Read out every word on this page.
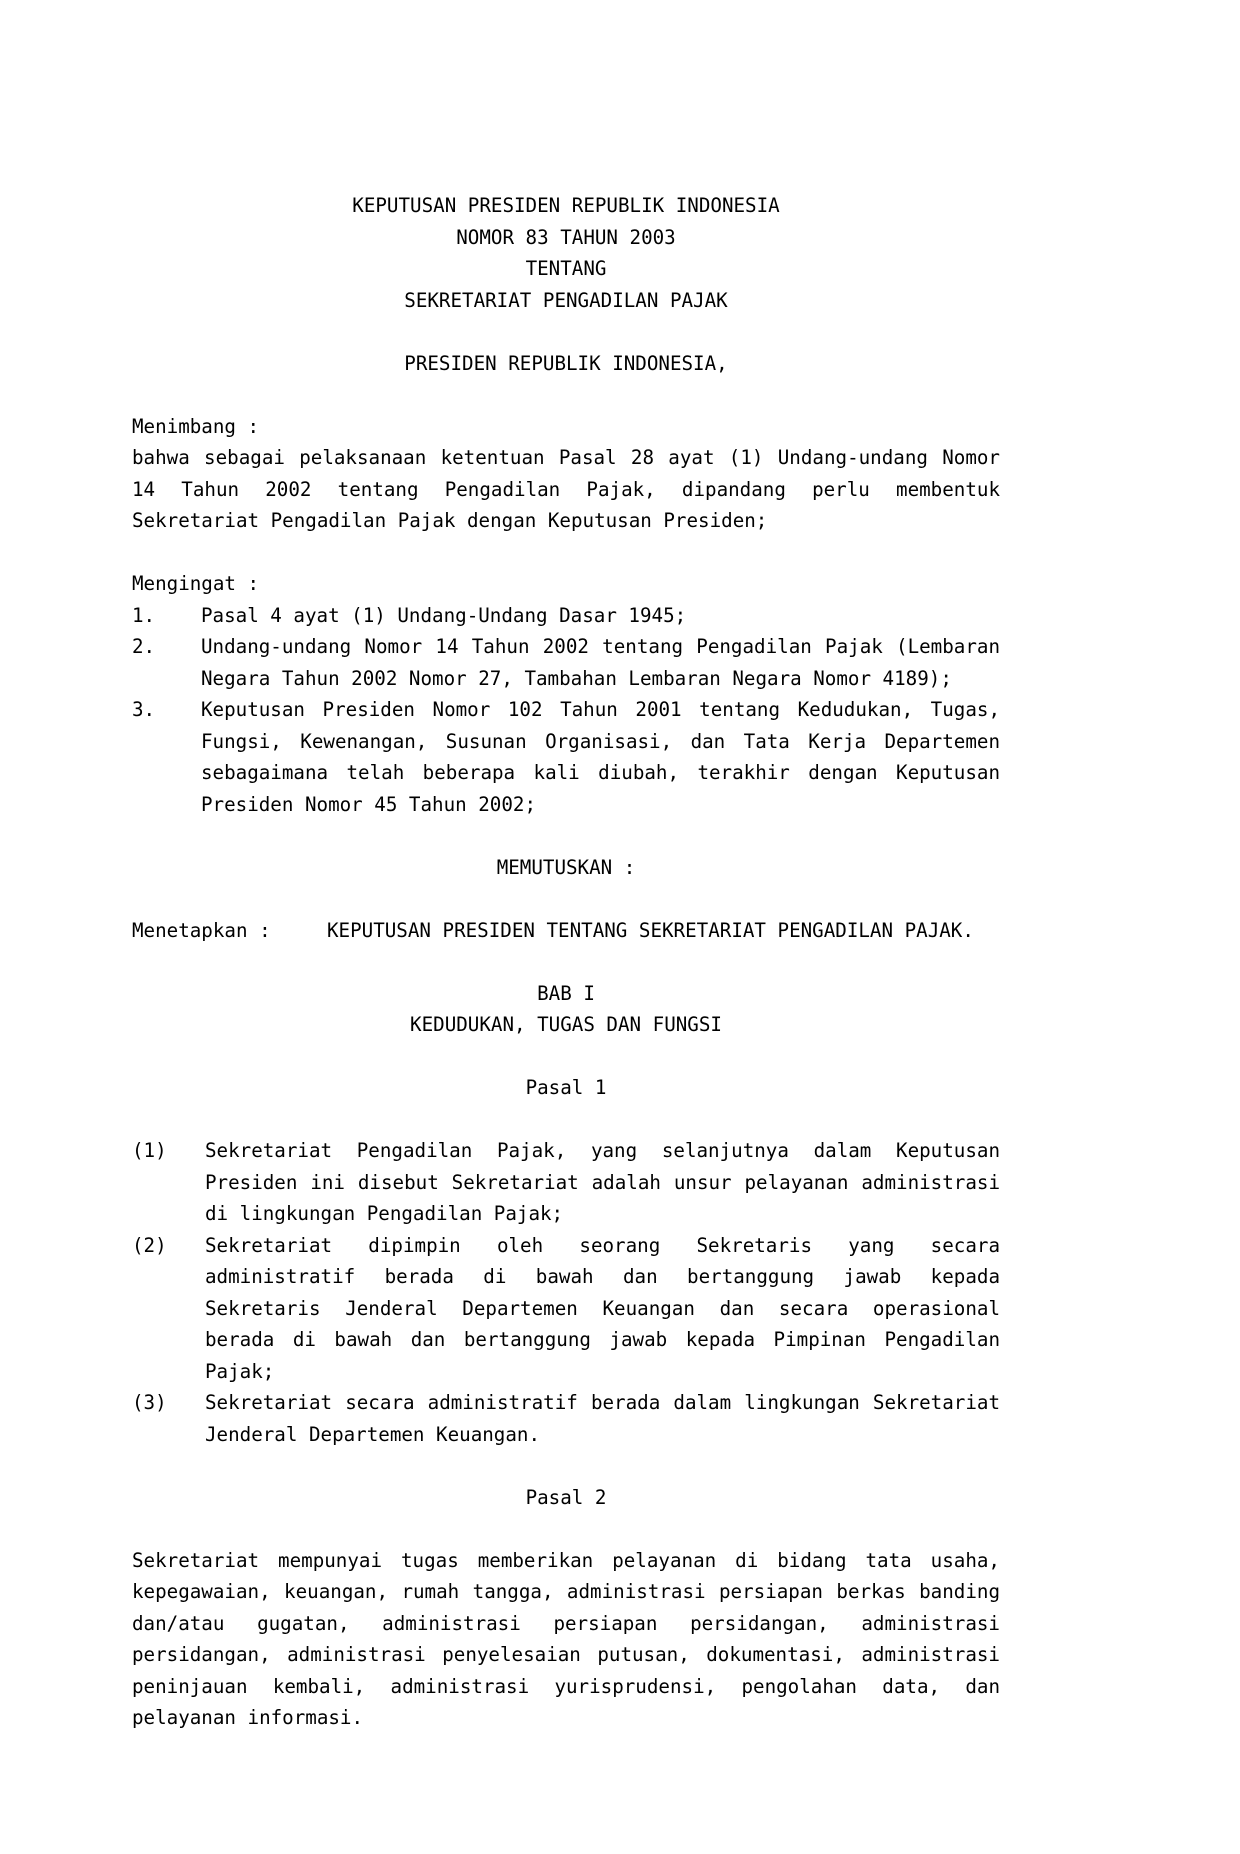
KEPUTUSAN PRESIDEN REPUBLIK INDONESIA
NOMOR 83 TAHUN 2003
TENTANG
SEKRETARIAT PENGADILAN PAJAK
PRESIDEN REPUBLIK INDONESIA,
Menimbang :
bahwa sebagai pelaksanaan ketentuan Pasal 28 ayat (1) Undang-undang Nomor 14 Tahun 2002 tentang Pengadilan Pajak, dipandang perlu membentuk Sekretariat Pengadilan Pajak dengan Keputusan Presiden;
Mengingat :
1.	Pasal 4 ayat (1) Undang-Undang Dasar 1945;
2.	Undang-undang Nomor 14 Tahun 2002 tentang Pengadilan Pajak (Lembaran Negara Tahun 2002 Nomor 27, Tambahan Lembaran Negara Nomor 4189);
3.	Keputusan Presiden Nomor 102 Tahun 2001 tentang Kedudukan, Tugas, Fungsi, Kewenangan, Susunan Organisasi, dan Tata Kerja Departemen sebagaimana telah beberapa kali diubah, terakhir dengan Keputusan Presiden Nomor 45 Tahun 2002;
MEMUTUSKAN :
Menetapkan :	KEPUTUSAN PRESIDEN TENTANG SEKRETARIAT PENGADILAN PAJAK.
BAB I
KEDUDUKAN, TUGAS DAN FUNGSI
Pasal 1
(1)	Sekretariat Pengadilan Pajak, yang selanjutnya dalam Keputusan Presiden ini disebut Sekretariat adalah unsur pelayanan administrasi di lingkungan Pengadilan Pajak;
(2)	Sekretariat dipimpin oleh seorang Sekretaris yang secara administratif berada di bawah dan bertanggung jawab kepada Sekretaris Jenderal Departemen Keuangan dan secara operasional berada di bawah dan bertanggung jawab kepada Pimpinan Pengadilan Pajak;
(3)	Sekretariat secara administratif berada dalam lingkungan Sekretariat Jenderal Departemen Keuangan.
Pasal 2
Sekretariat mempunyai tugas memberikan pelayanan di bidang tata usaha, kepegawaian, keuangan, rumah tangga, administrasi persiapan berkas banding dan/atau gugatan, administrasi persiapan persidangan, administrasi persidangan, administrasi penyelesaian putusan, dokumentasi, administrasi peninjauan kembali, administrasi yurisprudensi, pengolahan data, dan pelayanan informasi.
